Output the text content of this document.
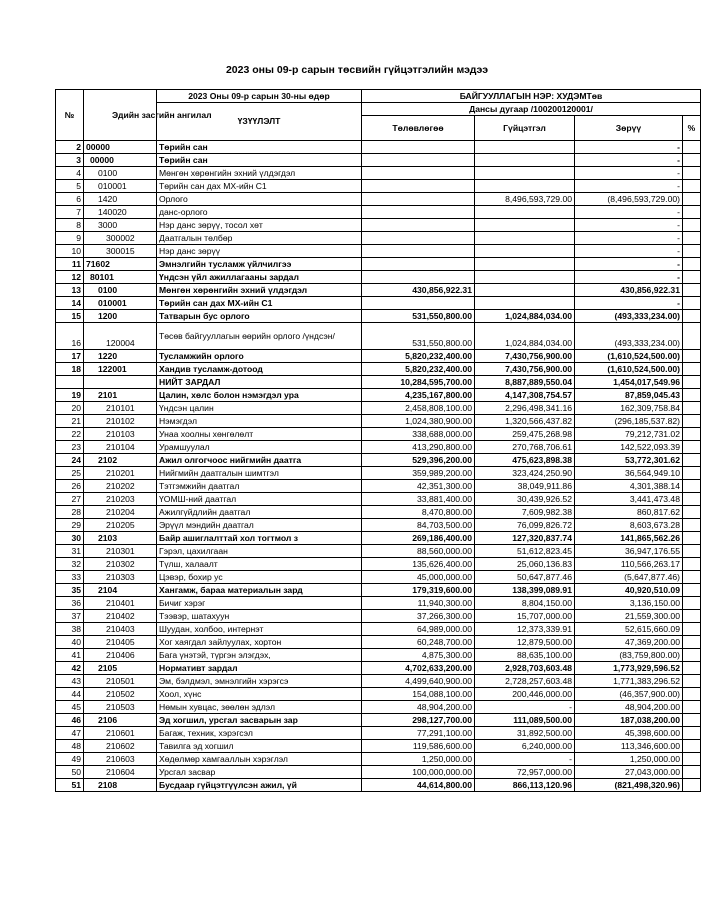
2023 оны 09-р сарын төсвийн гүйцэтгэлийн мэдээ
№	Эдийн засгийн ангилал	2023 Оны 09-р сарын 30-ны өдөр	БАЙГУУЛЛАГЫН НЭР: ХУДЭМТөв			
		ҮЗҮҮЛЭЛТ	Дансы дугаар /100200120001/			
			Төлөвлөгөө	Гүйцэтгэл	Зөрүү	%
2	00000	Төрийн сан			-	
3	00000	Төрийн сан			-	
4	0100	Мөнгөн хөрөнгийн эхний үлдэгдэл			-	
5	010001	Төрийн сан дах МХ-ийн С1			-	
6	1420	Орлого		8,496,593,729.00	(8,496,593,729.00)	
7	140020	данс-орлого			-	
8	3000	Нэр данс зөрүү, тосол хөт			-	
9	300002	Даатгалын төлбөр			-	
10	300015	Нэр данс зөрүү			-	
11	71602	Эмнэлгийн тусламж үйлчилгээ			-	
12	80101	Үндсэн үйл ажиллагааны зардал			-	
13	0100	Мөнгөн хөрөнгийн эхний үлдэгдэл	430,856,922.31		430,856,922.31	
14	010001	Төрийн сан дах МХ-ийн С1			-	
15	1200	Татварын бус орлого	531,550,800.00	1,024,884,034.00	(493,333,234.00)	
16	120004	Төсөв байгууллагын өөрийн орлого /үндсэн/	531,550,800.00	1,024,884,034.00	(493,333,234.00)	
17	1220	Тусламжийн орлого	5,820,232,400.00	7,430,756,900.00	(1,610,524,500.00)	
18	122001	Хандив тусламж-дотоод	5,820,232,400.00	7,430,756,900.00	(1,610,524,500.00)	
		НИЙТ ЗАРДАЛ	10,284,595,700.00	8,887,889,550.04	1,454,017,549.96	
19	2101	Цалин, хөлс болон нэмэгдэл ура	4,235,167,800.00	4,147,308,754.57	87,859,045.43	
20	210101	Үндсэн цалин	2,458,808,100.00	2,296,498,341.16	162,309,758.84	
21	210102	Нэмэгдэл	1,024,380,900.00	1,320,566,437.82	(296,185,537.82)	
22	210103	Унаа хоолны хөнгөлөлт	338,688,000.00	259,475,268.98	79,212,731.02	
23	210104	Урамшуулал	413,290,800.00	270,768,706.61	142,522,093.39	
24	2102	Ажил олгогчоос нийгмийн даатга	529,396,200.00	475,623,898.38	53,772,301.62	
25	210201	Нийгмийн даатгалын шимтгэл	359,989,200.00	323,424,250.90	36,564,949.10	
26	210202	Тэтгэмжийн даатгал	42,351,300.00	38,049,911.86	4,301,388.14	
27	210203	ҮОМШ-ний даатгал	33,881,400.00	30,439,926.52	3,441,473.48	
28	210204	Ажилгүйдлийн даатгал	8,470,800.00	7,609,982.38	860,817.62	
29	210205	Эрүүл мэндийн даатгал	84,703,500.00	76,099,826.72	8,603,673.28	
30	2103	Байр ашиглалттай хол тогтмол з	269,186,400.00	127,320,837.74	141,865,562.26	
31	210301	Гэрэл, цахилгаан	88,560,000.00	51,612,823.45	36,947,176.55	
32	210302	Түлш, халаалт	135,626,400.00	25,060,136.83	110,566,263.17	
33	210303	Цэвэр, бохир ус	45,000,000.00	50,647,877.46	(5,647,877.46)	
35	2104	Хангамж, бараа материалын зард	179,319,600.00	138,399,089.91	40,920,510.09	
36	210401	Бичиг хэрэг	11,940,300.00	8,804,150.00	3,136,150.00	
37	210402	Тээвэр, шатахуун	37,266,300.00	15,707,000.00	21,559,300.00	
38	210403	Шуудан, холбоо, интернэт	64,989,000.00	12,373,339.91	52,615,660.09	
40	210405	Хог хаягдал зайлуулах, хортон	60,248,700.00	12,879,500.00	47,369,200.00	
41	210406	Бага үнэтэй, түргэн элэгдэх,	4,875,300.00	88,635,100.00	(83,759,800.00)	
42	2105	Нормативт зардал	4,702,633,200.00	2,928,703,603.48	1,773,929,596.52	
43	210501	Эм, бэлдмэл, эмнэлгийн хэрэгсэ	4,499,640,900.00	2,728,257,603.48	1,771,383,296.52	
44	210502	Хоол, хүнс	154,088,100.00	200,446,000.00	(46,357,900.00)	
45	210503	Нөмын хувцас, зөөлөн эдлэл	48,904,200.00	-	48,904,200.00	
46	2106	Эд хогшил, урсгал засварын зар	298,127,700.00	111,089,500.00	187,038,200.00	
47	210601	Багаж, техник, хэрэгсэл	77,291,100.00	31,892,500.00	45,398,600.00	
48	210602	Тавилга эд хогшил	119,586,600.00	6,240,000.00	113,346,600.00	
49	210603	Хөдөлмөр хамгааллын хэрэглэл	1,250,000.00	-	1,250,000.00	
50	210604	Урсгал засвар	100,000,000.00	72,957,000.00	27,043,000.00	
51	2108	Бусдаар гүйцэтгүүлсэн ажил, үй	44,614,800.00	866,113,120.96	(821,498,320.96)	
